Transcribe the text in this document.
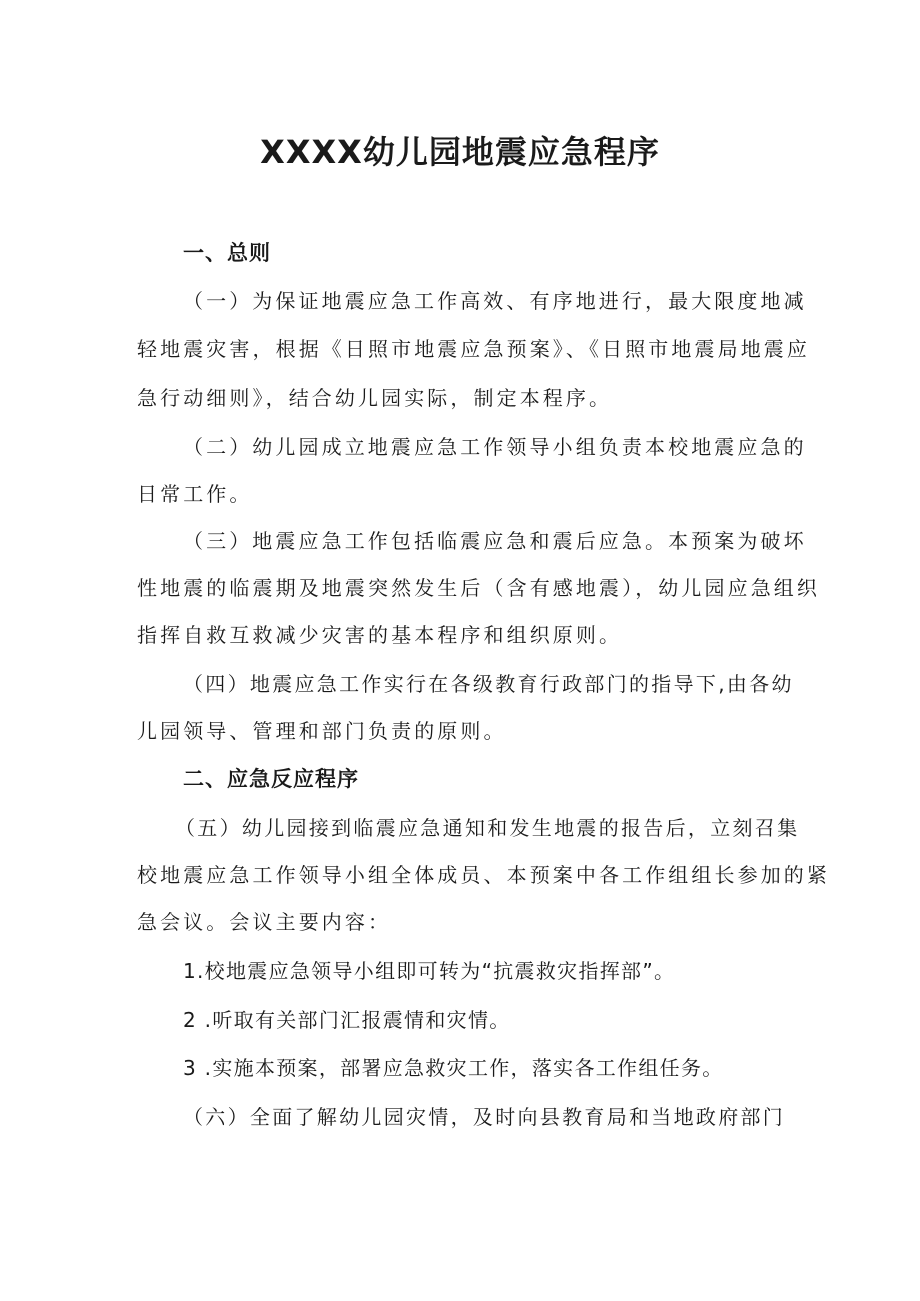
XXXX幼儿园地震应急程序
一、总则
（一）为保证地震应急工作高效、有序地进行，最大限度地减
轻地震灾害，根据《日照市地震应急预案》、《日照市地震局地震应
急行动细则》，结合幼儿园实际，制定本程序。
（二）幼儿园成立地震应急工作领导小组负责本校地震应急的
日常工作。
（三）地震应急工作包括临震应急和震后应急。本预案为破坏
性地震的临震期及地震突然发生后（含有感地震），幼儿园应急组织
指挥自救互救减少灾害的基本程序和组织原则。
（四）地震应急工作实行在各级教育行政部门的指导下,由各幼
儿园领导、管理和部门负责的原则。
二、应急反应程序
（五）幼儿园接到临震应急通知和发生地震的报告后，立刻召集
校地震应急工作领导小组全体成员、本预案中各工作组组长参加的紧
急会议。会议主要内容：
1.校地震应急领导小组即可转为“抗震救灾指挥部”。
2 .听取有关部门汇报震情和灾情。
3 .实施本预案，部署应急救灾工作，落实各工作组任务。
（六）全面了解幼儿园灾情，及时向县教育局和当地政府部门
